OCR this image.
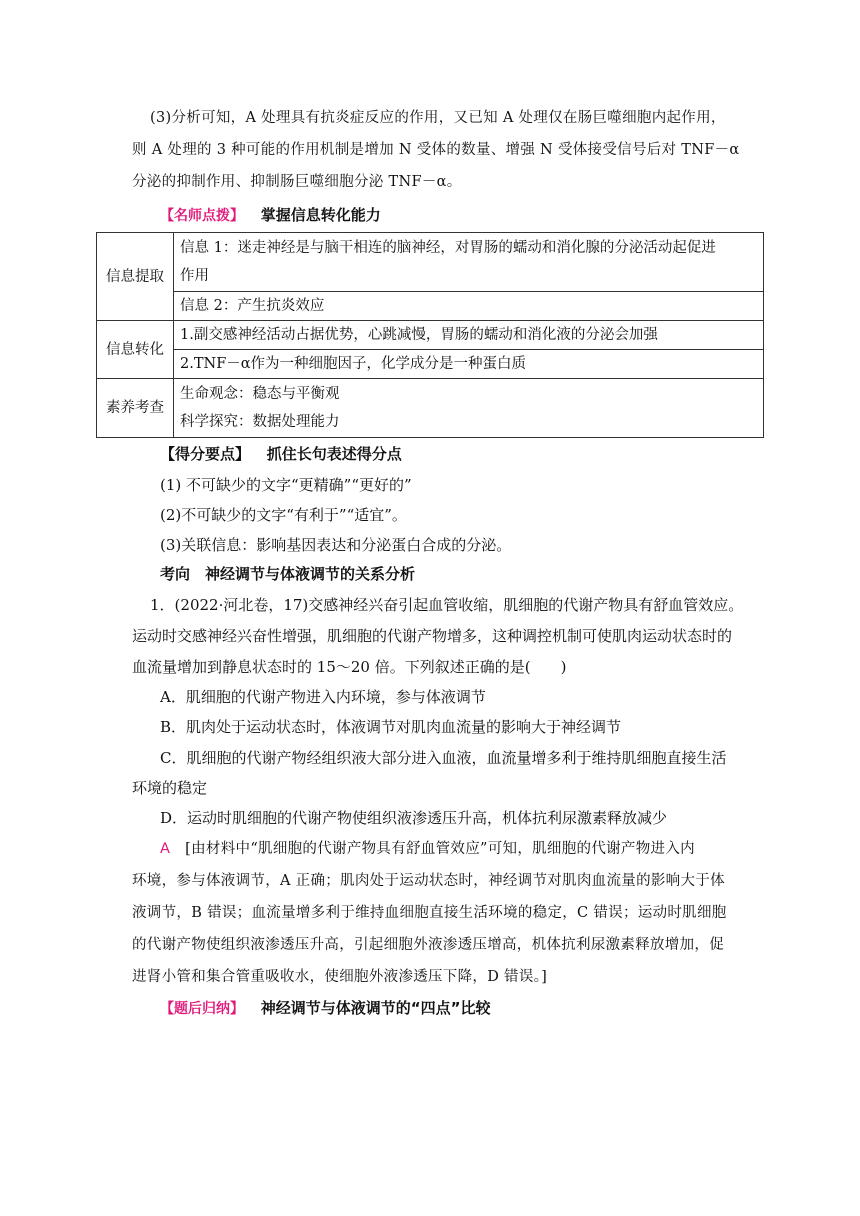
(3)分析可知，A 处理具有抗炎症反应的作用，又已知 A 处理仅在肠巨噬细胞内起作用，
则 A 处理的 3 种可能的作用机制是增加 N 受体的数量、增强 N 受体接受信号后对 TNF－α
分泌的抑制作用、抑制肠巨噬细胞分泌 TNF－α。
【名师点拨】 掌握信息转化能力
信息提取	信息 1：迷走神经是与脑干相连的脑神经，对胃肠的蠕动和消化腺的分泌活动起促进
作用

	信息 2：产生抗炎效应

信息转化	1.副交感神经活动占据优势，心跳减慢，胃肠的蠕动和消化液的分泌会加强

	2.TNF－α作为一种细胞因子，化学成分是一种蛋白质

素养考查	生命观念：稳态与平衡观
科学探究：数据处理能力
【得分要点】 抓住长句表述得分点
(1) 不可缺少的文字“更精确”“更好的”
(2)不可缺少的文字“有利于”“适宜”。
(3)关联信息：影响基因表达和分泌蛋白合成的分泌。
考向　神经调节与体液调节的关系分析
1．(2022·河北卷，17)交感神经兴奋引起血管收缩，肌细胞的代谢产物具有舒血管效应。
运动时交感神经兴奋性增强，肌细胞的代谢产物增多，这种调控机制可使肌肉运动状态时的
血流量增加到静息状态时的 15～20 倍。下列叙述正确的是(　　)
A．肌细胞的代谢产物进入内环境，参与体液调节
B．肌肉处于运动状态时，体液调节对肌肉血流量的影响大于神经调节
C．肌细胞的代谢产物经组织液大部分进入血液，血流量增多利于维持肌细胞直接生活
环境的稳定
D．运动时肌细胞的代谢产物使组织液渗透压升高，机体抗利尿激素释放减少
A [由材料中“肌细胞的代谢产物具有舒血管效应”可知，肌细胞的代谢产物进入内
环境，参与体液调节，A 正确；肌肉处于运动状态时，神经调节对肌肉血流量的影响大于体
液调节，B 错误；血流量增多利于维持血细胞直接生活环境的稳定，C 错误；运动时肌细胞
的代谢产物使组织液渗透压升高，引起细胞外液渗透压增高，机体抗利尿激素释放增加，促
进肾小管和集合管重吸收水，使细胞外液渗透压下降，D 错误。]
【题后归纳】 神经调节与体液调节的“四点”比较
